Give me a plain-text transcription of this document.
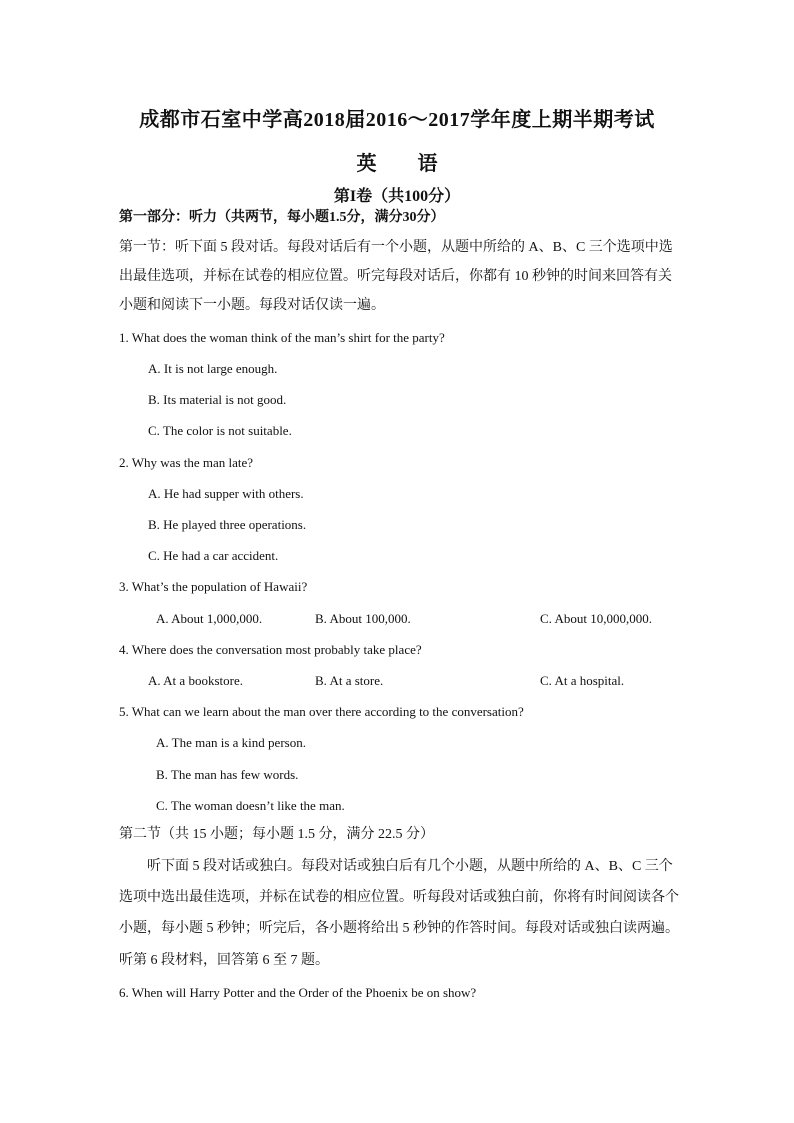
成都市石室中学高2018届2016～2017学年度上期半期考试
英 语
第I卷（共100分）
第一部分：听力（共两节，每小题1.5分，满分30分）
第一节：听下面 5 段对话。每段对话后有一个小题，从题中所给的 A、B、C 三个选项中选
出最佳选项，并标在试卷的相应位置。听完每段对话后，你都有 10 秒钟的时间来回答有关
小题和阅读下一小题。每段对话仅读一遍。
1. What does the woman think of the man’s shirt for the party?
A. It is not large enough.
B. Its material is not good.
C. The color is not suitable.
2. Why was the man late?
A. He had supper with others.
B. He played three operations.
C. He had a car accident.
3. What’s the population of Hawaii?
A. About 1,000,000.	B. About 100,000.	C. About 10,000,000.
4. Where does the conversation most probably take place?
A. At a bookstore.	B. At a store.	C. At a hospital.
5. What can we learn about the man over there according to the conversation?
A. The man is a kind person.
B. The man has few words.
C. The woman doesn’t like the man.
第二节（共 15 小题；每小题 1.5 分，满分 22.5 分）
听下面 5 段对话或独白。每段对话或独白后有几个小题，从题中所给的 A、B、C 三个
选项中选出最佳选项，并标在试卷的相应位置。听每段对话或独白前，你将有时间阅读各个
小题，每小题 5 秒钟；听完后，各小题将给出 5 秒钟的作答时间。每段对话或独白读两遍。
听第 6 段材料，回答第 6 至 7 题。
6. When will Harry Potter and the Order of the Phoenix be on show?
